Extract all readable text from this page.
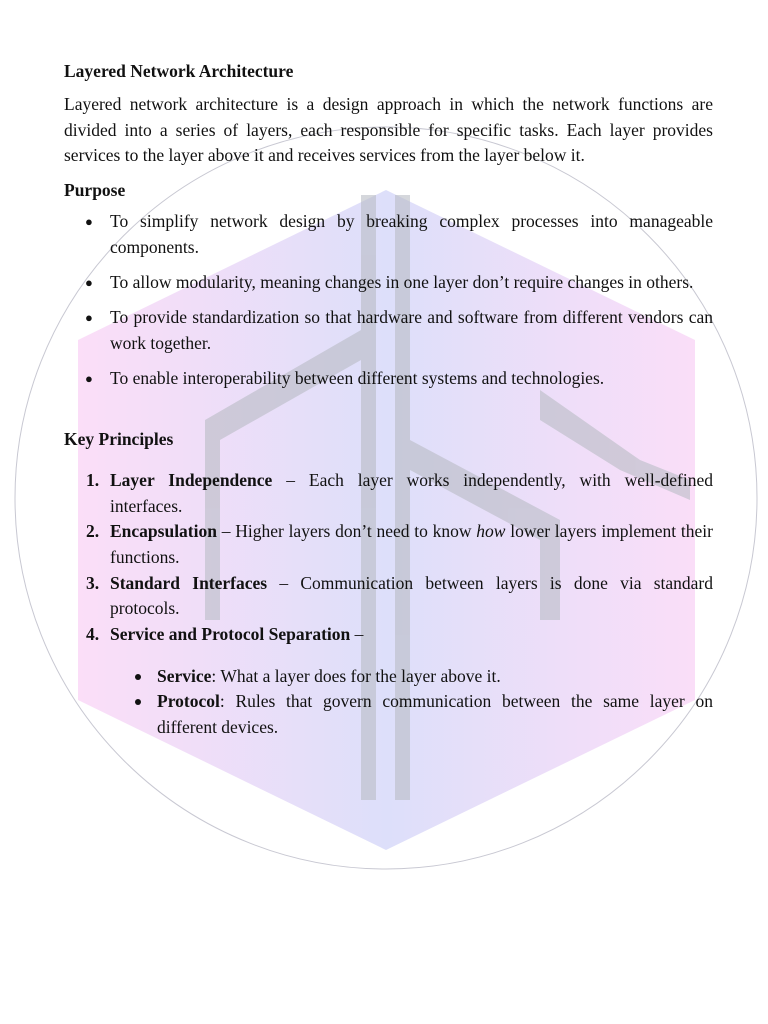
Layered Network Architecture

Layered network architecture is a design approach in which the network functions are divided into a series of layers, each responsible for specific tasks. Each layer provides services to the layer above it and receives services from the layer below it.

Purpose
● To simplify network design by breaking complex processes into manageable components.
● To allow modularity, meaning changes in one layer don’t require changes in others.
● To provide standardization so that hardware and software from different vendors can work together.
● To enable interoperability between different systems and technologies.
Key Principles
1. Layer Independence – Each layer works independently, with well-defined interfaces.
2. Encapsulation – Higher layers don’t need to know how lower layers implement their functions.
3. Standard Interfaces – Communication between layers is done via standard protocols.
4. Service and Protocol Separation –
Service: What a layer does for the layer above it.
Protocol: Rules that govern communication between the same layer on different devices.
